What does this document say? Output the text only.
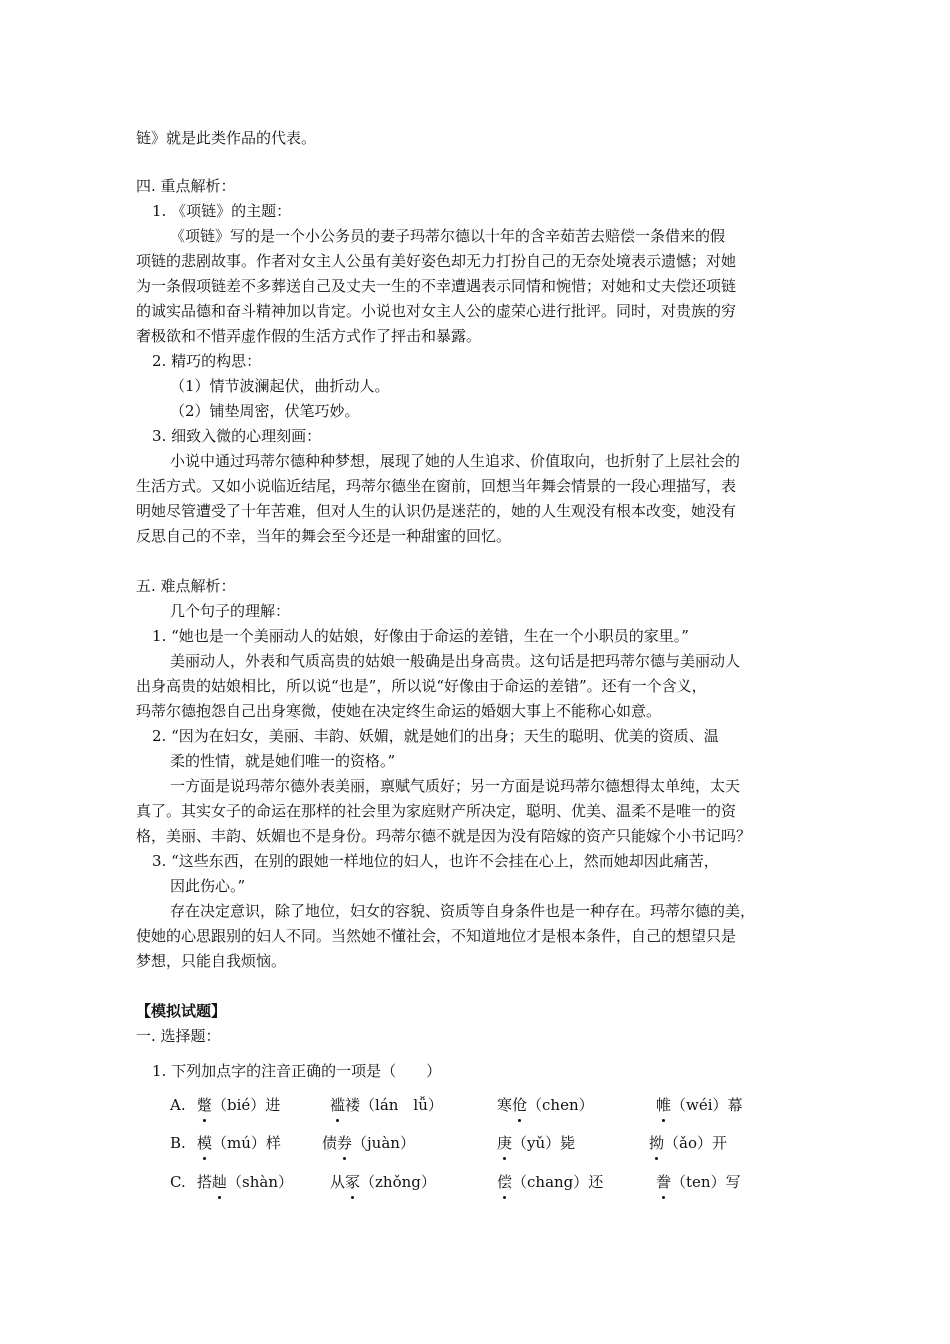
链》就是此类作品的代表。
四. 重点解析：
1. 《项链》的主题：
《项链》写的是一个小公务员的妻子玛蒂尔德以十年的含辛茹苦去赔偿一条借来的假
项链的悲剧故事。作者对女主人公虽有美好姿色却无力打扮自己的无奈处境表示遗憾；对她
为一条假项链差不多葬送自己及丈夫一生的不幸遭遇表示同情和惋惜；对她和丈夫偿还项链
的诚实品德和奋斗精神加以肯定。小说也对女主人公的虚荣心进行批评。同时，对贵族的穷
奢极欲和不惜弄虚作假的生活方式作了抨击和暴露。
2. 精巧的构思：
（1）情节波澜起伏，曲折动人。
（2）铺垫周密，伏笔巧妙。
3. 细致入微的心理刻画：
小说中通过玛蒂尔德种种梦想，展现了她的人生追求、价值取向，也折射了上层社会的
生活方式。又如小说临近结尾，玛蒂尔德坐在窗前，回想当年舞会情景的一段心理描写，表
明她尽管遭受了十年苦难，但对人生的认识仍是迷茫的，她的人生观没有根本改变，她没有
反思自己的不幸，当年的舞会至今还是一种甜蜜的回忆。
五. 难点解析：
几个句子的理解：
1. “她也是一个美丽动人的姑娘，好像由于命运的差错，生在一个小职员的家里。”
美丽动人，外表和气质高贵的姑娘一般确是出身高贵。这句话是把玛蒂尔德与美丽动人
出身高贵的姑娘相比，所以说“也是”，所以说“好像由于命运的差错”。还有一个含义，
玛蒂尔德抱怨自己出身寒微，使她在决定终生命运的婚姻大事上不能称心如意。
2. “因为在妇女，美丽、丰韵、妖媚，就是她们的出身；天生的聪明、优美的资质、温
柔的性情，就是她们唯一的资格。”
一方面是说玛蒂尔德外表美丽，禀赋气质好；另一方面是说玛蒂尔德想得太单纯，太天
真了。其实女子的命运在那样的社会里为家庭财产所决定，聪明、优美、温柔不是唯一的资
格，美丽、丰韵、妖媚也不是身份。玛蒂尔德不就是因为没有陪嫁的资产只能嫁个小书记吗？
3. “这些东西，在别的跟她一样地位的妇人，也许不会挂在心上，然而她却因此痛苦，
因此伤心。”
存在决定意识，除了地位，妇女的容貌、资质等自身条件也是一种存在。玛蒂尔德的美，
使她的心思跟别的妇人不同。当然她不懂社会，不知道地位才是根本条件，自己的想望只是
梦想，只能自我烦恼。
【模拟试题】
一. 选择题：
1. 下列加点字的注音正确的一项是（　　）
A. 蹩（bié）进	褴褛（lán　lǚ）	寒伧（chen）	帷（wéi）幕
B. 模（mú）样	债券（juàn）	庚（yǔ）毙	拗（ǎo）开
C. 搭赸（shàn） 从冢（zhǒng）	偿（chang）还	誊（ten）写
